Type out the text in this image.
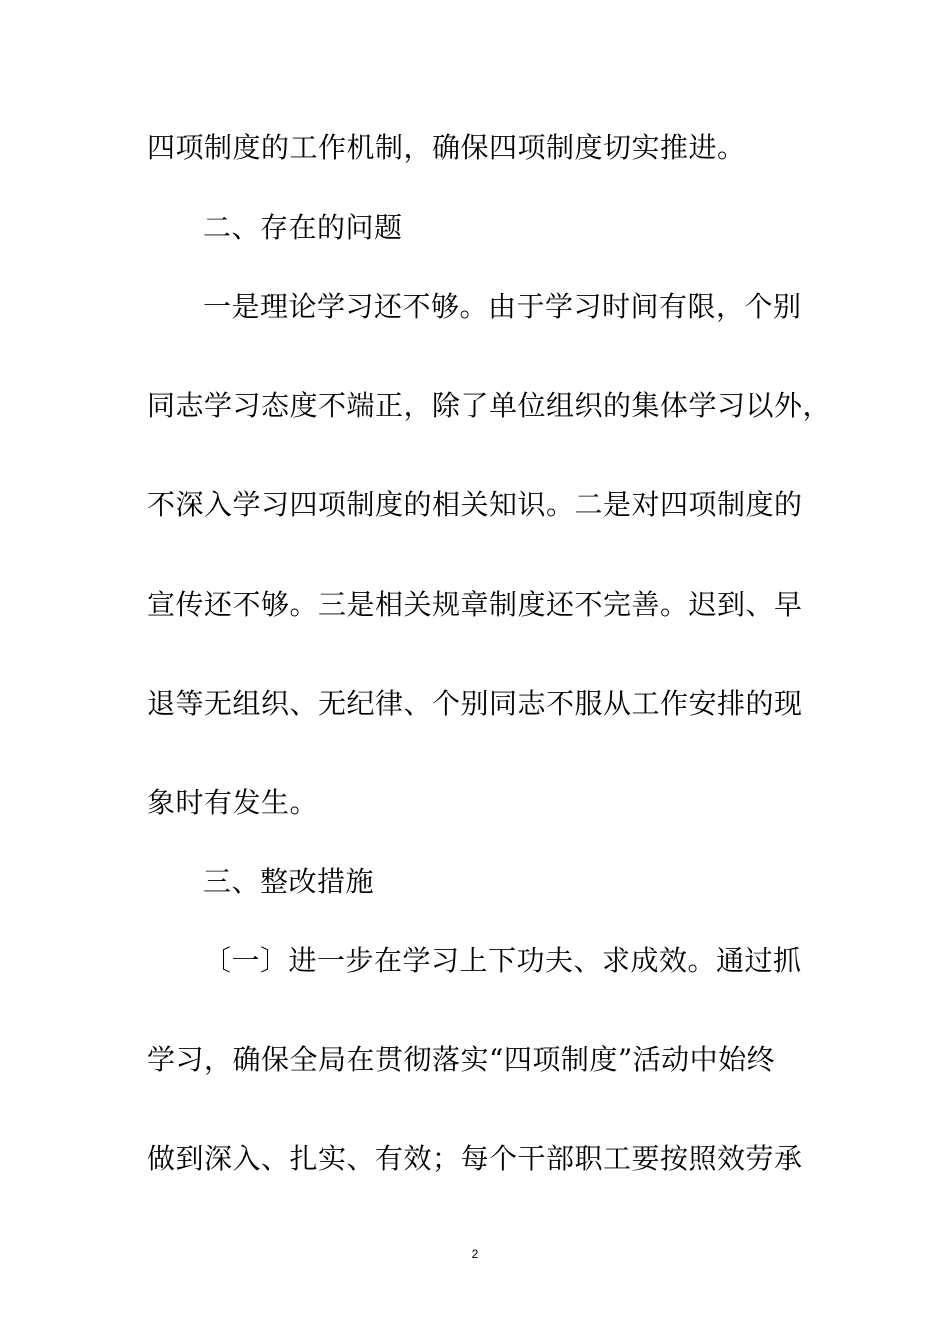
四项制度的工作机制，确保四项制度切实推进。
二、存在的问题
一是理论学习还不够。由于学习时间有限，个别
同志学习态度不端正，除了单位组织的集体学习以外，
不深入学习四项制度的相关知识。二是对四项制度的
宣传还不够。三是相关规章制度还不完善。迟到、早
退等无组织、无纪律、个别同志不服从工作安排的现
象时有发生。
三、整改措施
〔一〕进一步在学习上下功夫、求成效。通过抓
学习，确保全局在贯彻落实“四项制度”活动中始终
做到深入、扎实、有效；每个干部职工要按照效劳承
2
